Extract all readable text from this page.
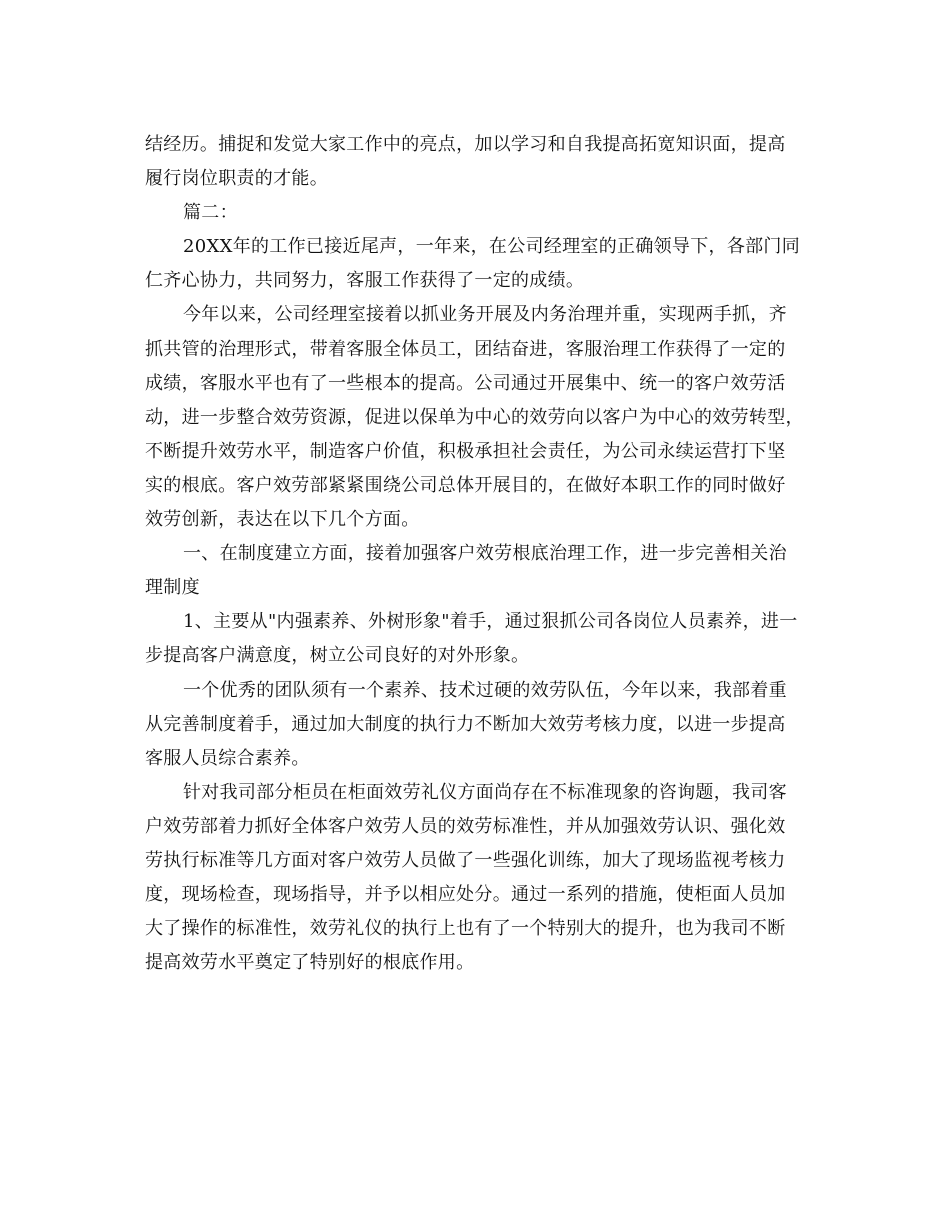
结经历。捕捉和发觉大家工作中的亮点，加以学习和自我提高拓宽知识面，提高
履行岗位职责的才能。
篇二：
20XX年的工作已接近尾声，一年来，在公司经理室的正确领导下，各部门同
仁齐心协力，共同努力，客服工作获得了一定的成绩。
今年以来，公司经理室接着以抓业务开展及内务治理并重，实现两手抓，齐
抓共管的治理形式，带着客服全体员工，团结奋进，客服治理工作获得了一定的
成绩，客服水平也有了一些根本的提高。公司通过开展集中、统一的客户效劳活
动，进一步整合效劳资源，促进以保单为中心的效劳向以客户为中心的效劳转型，
不断提升效劳水平，制造客户价值，积极承担社会责任，为公司永续运营打下坚
实的根底。客户效劳部紧紧围绕公司总体开展目的，在做好本职工作的同时做好
效劳创新，表达在以下几个方面。
一、在制度建立方面，接着加强客户效劳根底治理工作，进一步完善相关治
理制度
1、主要从"内强素养、外树形象"着手，通过狠抓公司各岗位人员素养，进一
步提高客户满意度，树立公司良好的对外形象。
一个优秀的团队须有一个素养、技术过硬的效劳队伍，今年以来，我部着重
从完善制度着手，通过加大制度的执行力不断加大效劳考核力度，以进一步提高
客服人员综合素养。
针对我司部分柜员在柜面效劳礼仪方面尚存在不标准现象的咨询题，我司客
户效劳部着力抓好全体客户效劳人员的效劳标准性，并从加强效劳认识、强化效
劳执行标准等几方面对客户效劳人员做了一些强化训练，加大了现场监视考核力
度，现场检查，现场指导，并予以相应处分。通过一系列的措施，使柜面人员加
大了操作的标准性，效劳礼仪的执行上也有了一个特别大的提升，也为我司不断
提高效劳水平奠定了特别好的根底作用。
